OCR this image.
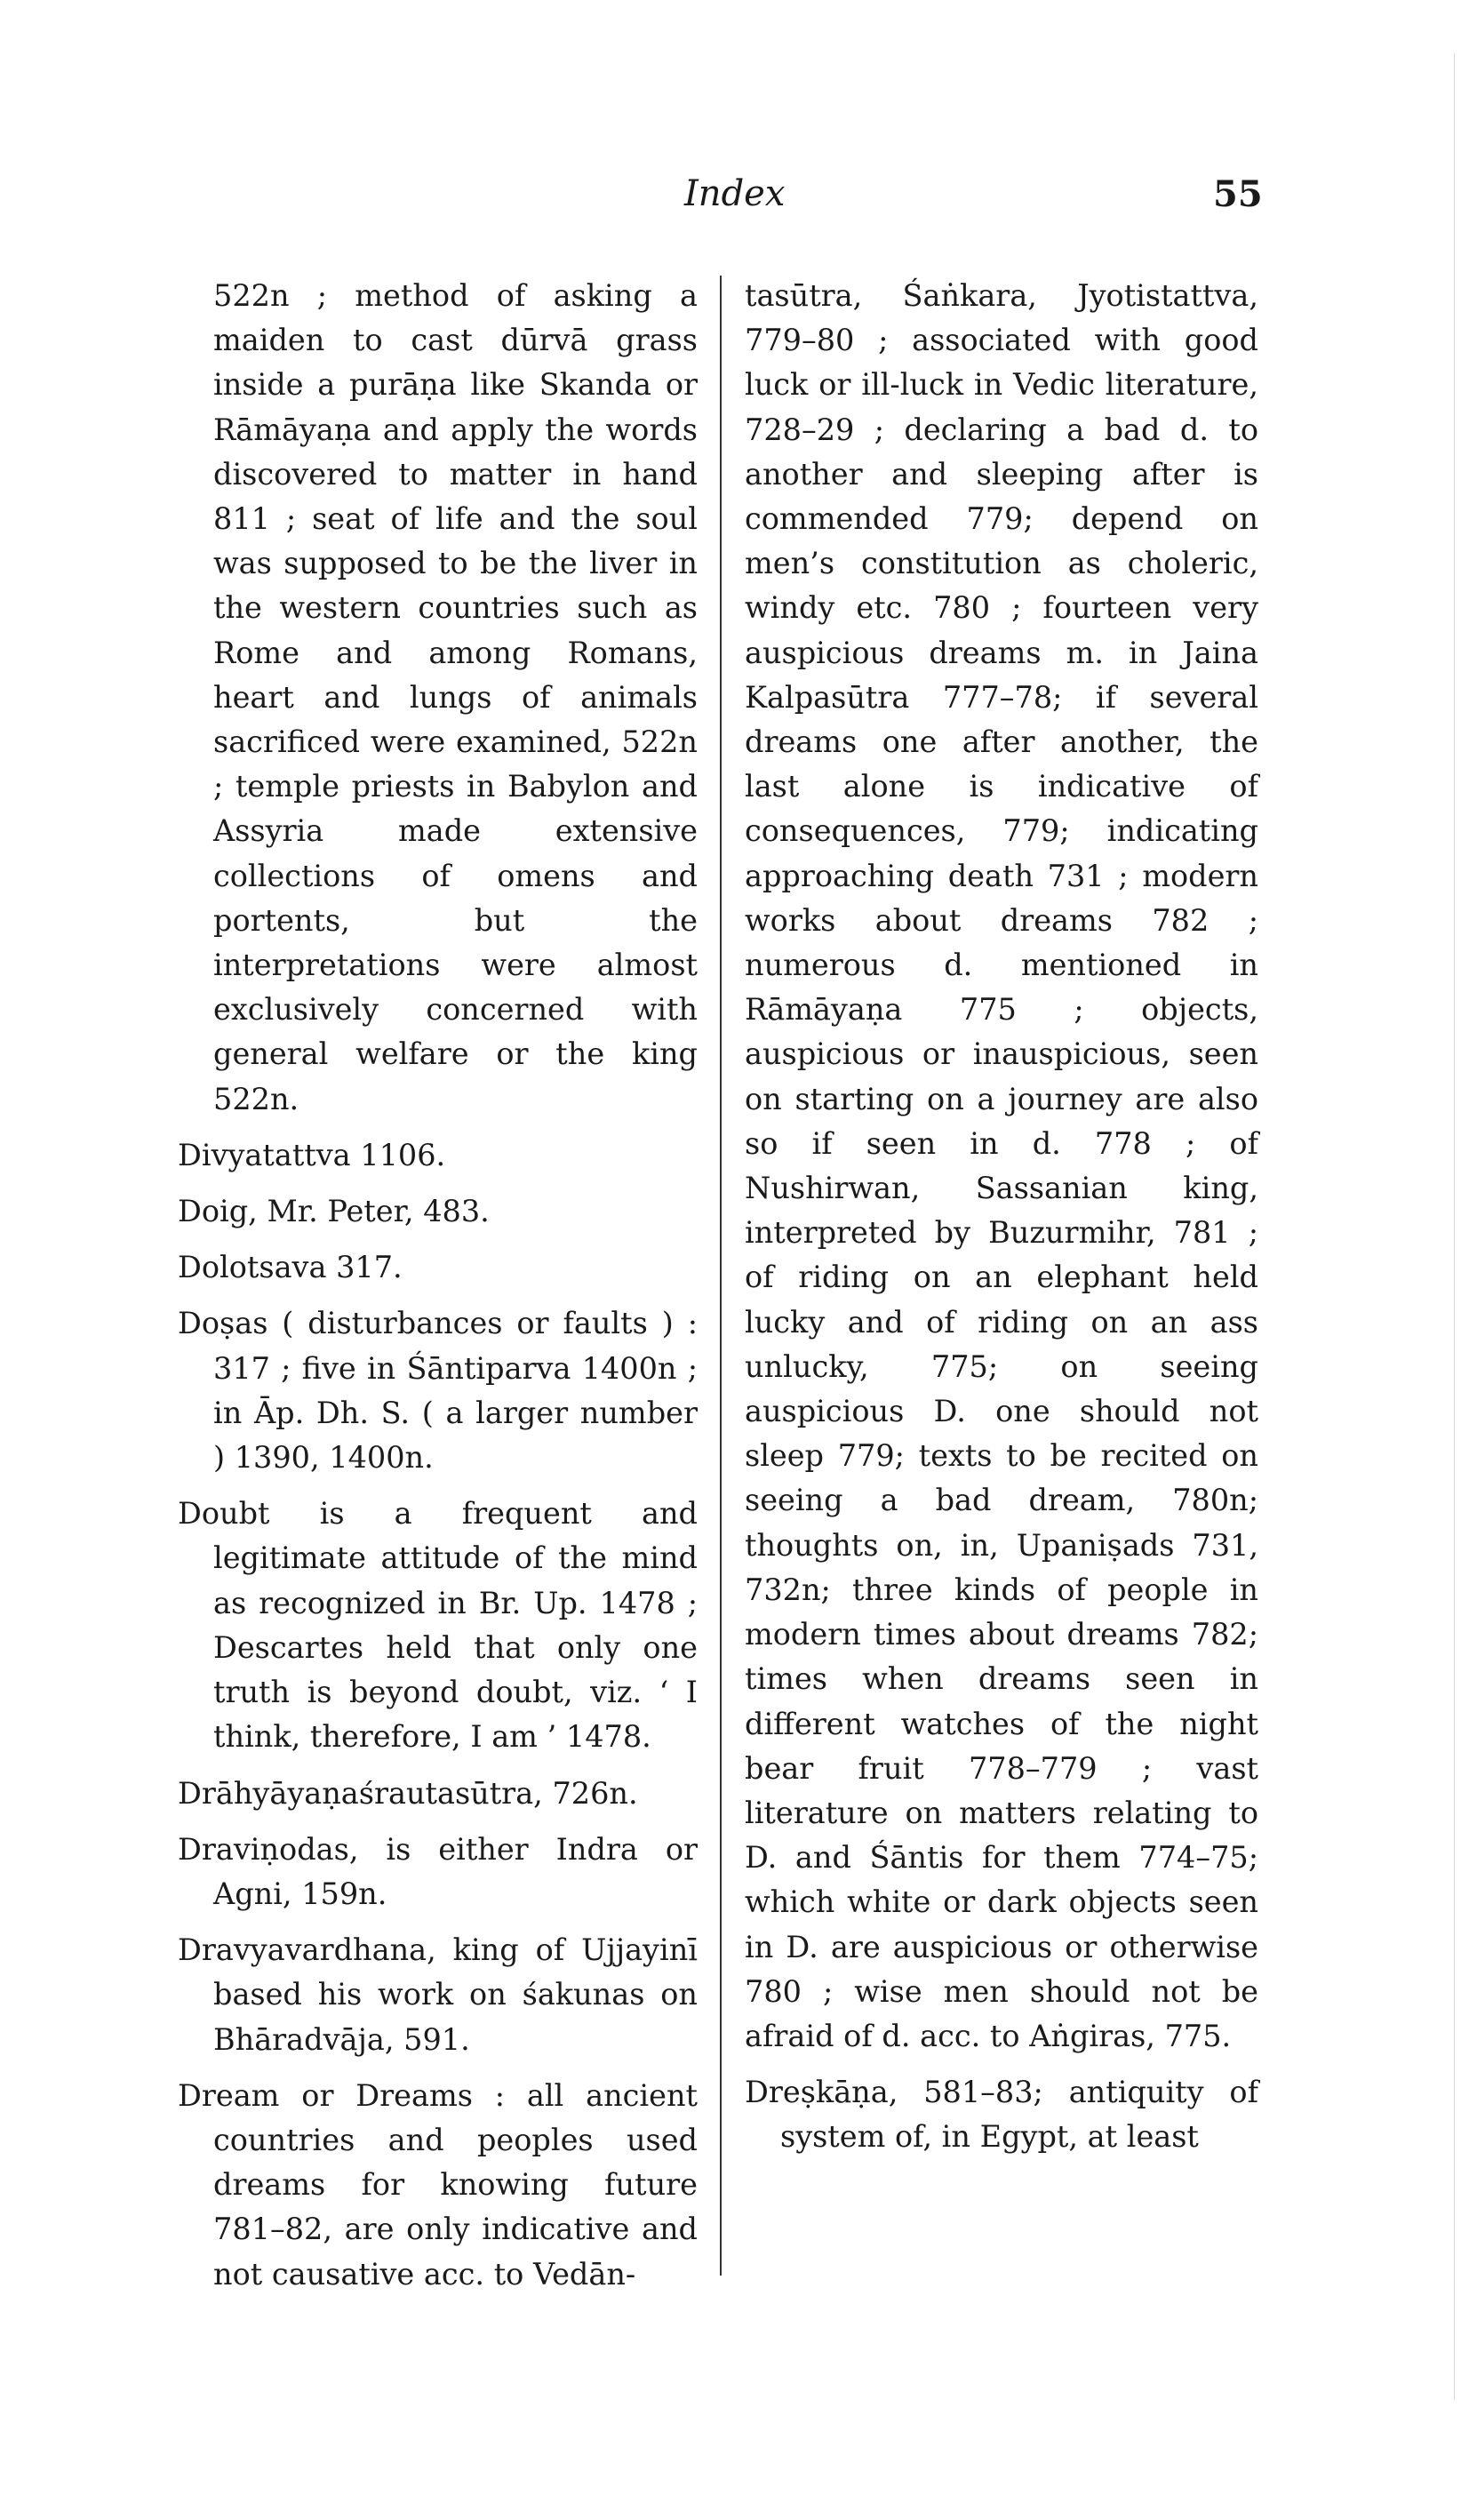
Index	55

522n ; method of asking a maiden to cast dūrvā grass inside a purāṇa like Skanda or Rāmāyaṇa and apply the words discovered to matter in hand 811 ; seat of life and the soul was supposed to be the liver in the western countries such as Rome and among Romans, heart and lungs of animals sacrificed were examined, 522n ; temple priests in Babylon and Assyria made extensive collections of omens and portents, but the interpretations were almost exclusively concerned with general welfare or the king 522n.

Divyatattva 1106.

Doig, Mr. Peter, 483.

Dolotsava 317.

Doṣas ( disturbances or faults ) : 317 ; five in Śāntiparva 1400n ; in Āp. Dh. S. ( a larger number ) 1390, 1400n.

Doubt is a frequent and legitimate attitude of the mind as recognized in Br. Up. 1478 ; Descartes held that only one truth is beyond doubt, viz. ‘ I think, therefore, I am ’ 1478.

Drāhyāyaṇaśrautasūtra, 726n.

Draviṇodas, is either Indra or Agni, 159n.

Dravyavardhana, king of Ujjayinī based his work on śakunas on Bhāradvāja, 591.

Dream or Dreams : all ancient countries and peoples used dreams for knowing future 781–82, are only indicative and not causative acc. to Vedān-

tasūtra, Śaṅkara, Jyotistattva, 779–80 ; associated with good luck or ill-luck in Vedic literature, 728–29 ; declaring a bad d. to another and sleeping after is commended 779; depend on men’s constitution as choleric, windy etc. 780 ; fourteen very auspicious dreams m. in Jaina Kalpasūtra 777–78; if several dreams one after another, the last alone is indicative of consequences, 779; indicating approaching death 731 ; modern works about dreams 782 ; numerous d. mentioned in Rāmāyaṇa 775 ; objects, auspicious or inauspicious, seen on starting on a journey are also so if seen in d. 778 ; of Nushirwan, Sassanian king, interpreted by Buzurmihr, 781 ; of riding on an elephant held lucky and of riding on an ass unlucky, 775; on seeing auspicious D. one should not sleep 779; texts to be recited on seeing a bad dream, 780n; thoughts on, in, Upaniṣads 731, 732n; three kinds of people in modern times about dreams 782; times when dreams seen in different watches of the night bear fruit 778–779 ; vast literature on matters relating to D. and Śāntis for them 774–75; which white or dark objects seen in D. are auspicious or otherwise 780 ; wise men should not be afraid of d. acc. to Aṅgiras, 775.

Dreṣkāṇa, 581–83; antiquity of system of, in Egypt, at least
